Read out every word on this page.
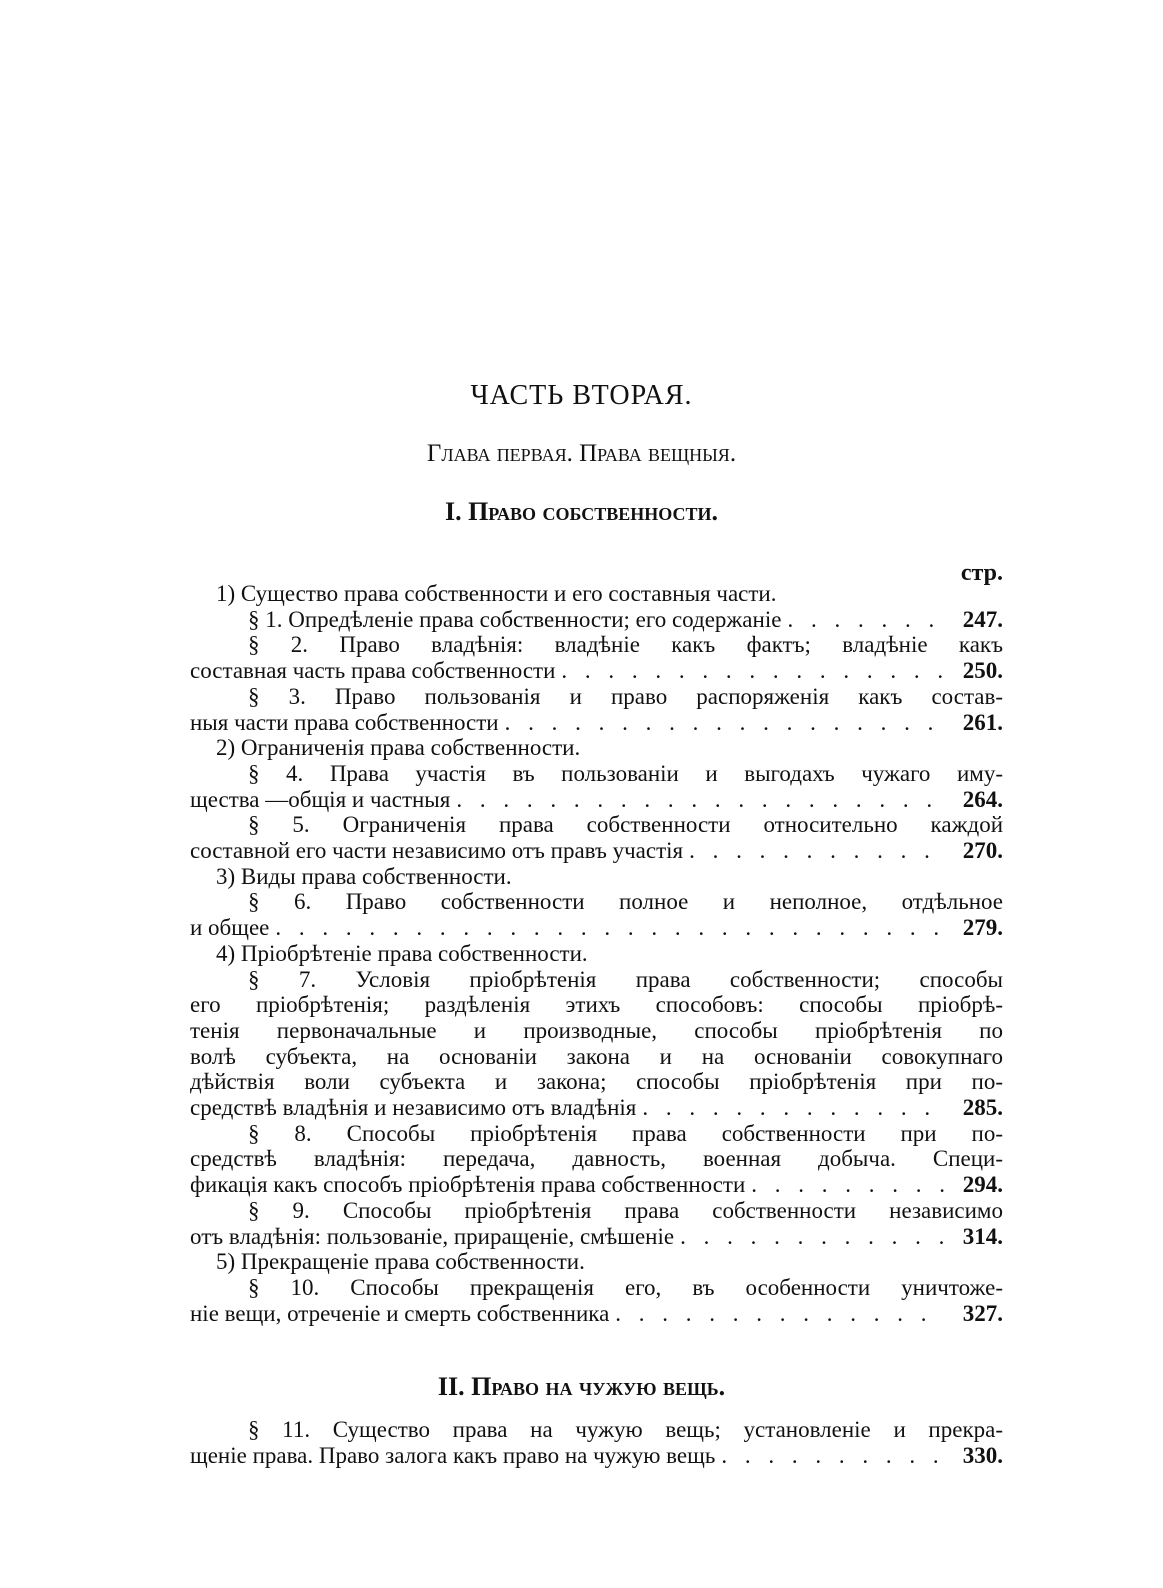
ЧАСТЬ ВТОРАЯ.
Глава первая. Права вещныя.
I. Право собственности.
стр.
1) Существо права собственности и его составныя части.
§ 1. Опредѣленіе права собственности; его содержаніе . . .	247.
§ 2. Право владѣнія: владѣніе какъ фактъ; владѣніе какъ
составная часть права собственности . . .	250.
§ 3. Право пользованія и право распоряженія какъ состав-
ныя части права собственности . . .	261.
2) Ограниченія права собственности.
§ 4. Права участія въ пользованіи и выгодахъ чужаго иму-
щества —общія и частныя . . .	264.
§ 5. Ограниченія права собственности относительно каждой
составной его части независимо отъ правъ участія . . .	270.
3) Виды права собственности.
§ 6. Право собственности полное и неполное, отдѣльное
и общее . . .	279.
4) Пріобрѣтеніе права собственности.
§ 7. Условія пріобрѣтенія права собственности; способы
его пріобрѣтенія; раздѣленія этихъ способовъ: способы пріобрѣ-
тенія первоначальные и производные, способы пріобрѣтенія по
волѣ субъекта, на основаніи закона и на основаніи совокупнаго
дѣйствія воли субъекта и закона; способы пріобрѣтенія при по-
средствѣ владѣнія и независимо отъ владѣнія . . .	285.
§ 8. Способы пріобрѣтенія права собственности при по-
средствѣ владѣнія: передача, давность, военная добыча. Специ-
фикація какъ способъ пріобрѣтенія права собственности . . .	294.
§ 9. Способы пріобрѣтенія права собственности независимо
отъ владѣнія: пользованіе, приращеніе, смѣшеніе . . .	314.
5) Прекращеніе права собственности.
§ 10. Способы прекращенія его, въ особенности уничтоже-
ніе вещи, отреченіе и смерть собственника . . .	327.
II. Право на чужую вещь.
§ 11. Существо права на чужую вещь; установленіе и прекра-
щеніе права. Право залога какъ право на чужую вещь . . .	330.
